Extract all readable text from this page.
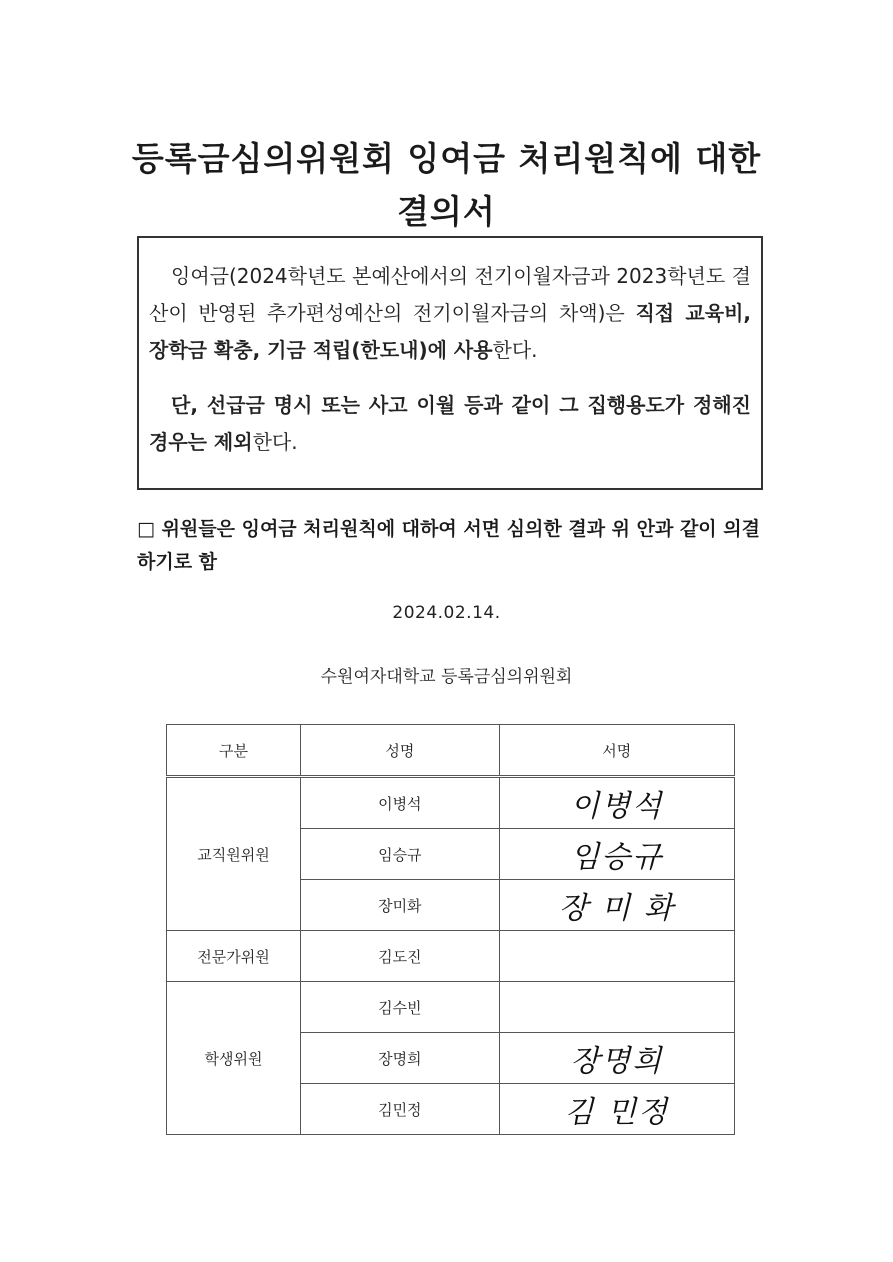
등록금심의위원회 잉여금 처리원칙에 대한
결의서

잉여금(2024학년도 본예산에서의 전기이월자금과 2023학년도 결산이 반영된 추가편성예산의 전기이월자금의 차액)은 직접 교육비, 장학금 확충, 기금 적립(한도내)에 사용한다.

단, 선급금 명시 또는 사고 이월 등과 같이 그 집행용도가 정해진 경우는 제외한다.

□ 위원들은 잉여금 처리원칙에 대하여 서면 심의한 결과 위 안과 같이 의결하기로 함
2024.02.14.
수원여자대학교 등록금심의위원회
구분	성명	서명
교직원위원	이병석	이병석
	임승규	임승규
	장미화	장 미 화
전문가위원	김도진	
학생위원	김수빈	
	장명희	장명희
	김민정	김 민정
